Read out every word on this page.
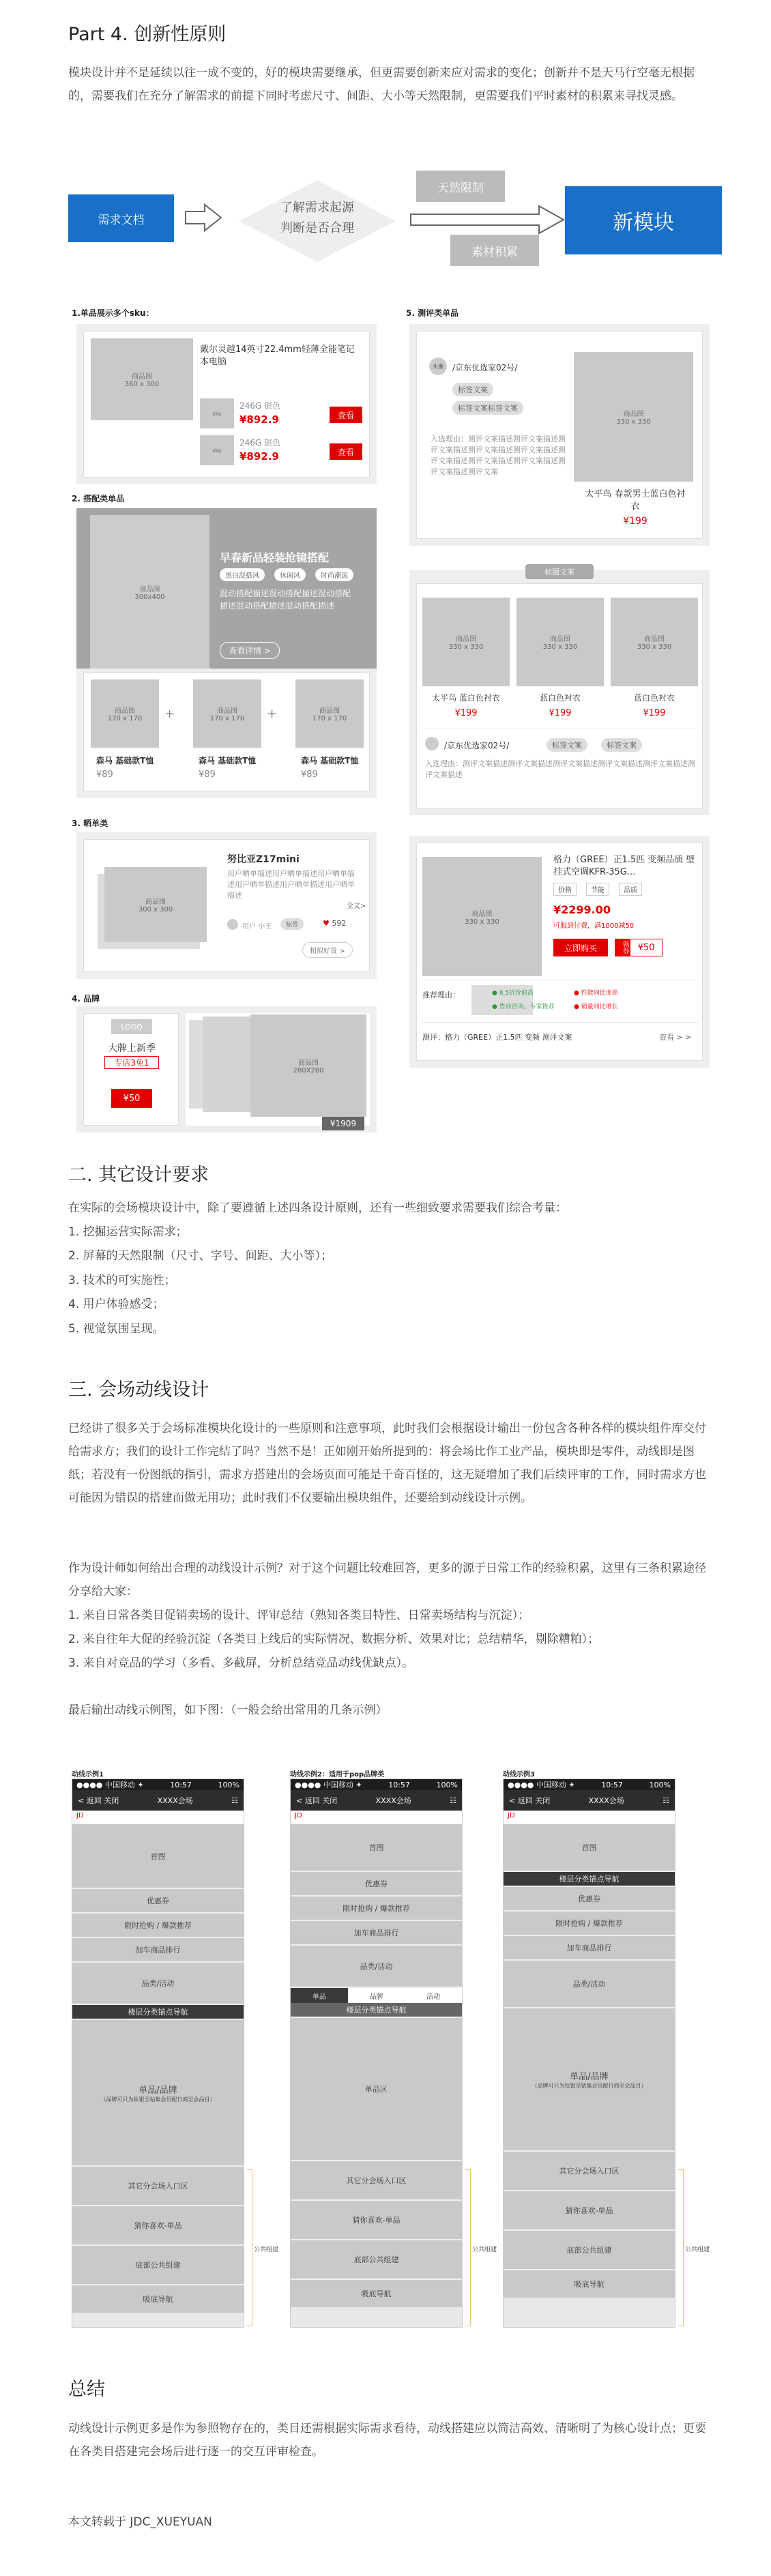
Part 4. 创新性原则
模块设计并不是延续以往一成不变的，好的模块需要继承，但更需要创新来应对需求的变化；创新并不是天马行空毫无根据的，需要我们在充分了解需求的前提下同时考虑尺寸、间距、大小等天然限制，更需要我们平时素材的积累来寻找灵感。
需求文档
了解需求起源
判断是否合理
天然限制
素材积累
新模块
1.单品展示多个sku：
商品图
360 x 300
戴尔灵越14英寸22.4mm轻薄全能笔记本电脑
sku
246G 银色
¥892.9	查看
sku
246G 银色
¥892.9	查看
2. 搭配类单品
商品图
300x400
早春新品轻装抢镜搭配
黑白混搭风	休闲风	时尚潮流
混动搭配描述混动搭配描述混动搭配描述混动搭配描述混动搭配描述
查看详情 >
商品图
170 x 170	+	商品图
170 x 170	+	商品图
170 x 170
森马 基础款T恤	森马 基础款T恤	森马 基础款T恤
¥89	¥89	¥89
3. 晒单类
商品图
300 x 300
努比亚Z17mini
用户晒单描述用户晒单描述用户晒单描述用户晒单描述用户晒单描述用户晒单描述
全文>
用户 小王	标签	♥ 592
相似好货 >
4. 品牌
LOGO
大牌上新季
专店3免1
¥50
商品图
280X280
¥1909
5. 测评类单品
头像	/京东优选家02号/
标签文案
标签文案标签文案
入选理由：测评文案描述测评文案描述测评文案描述测评文案描述测评文案描述测评文案描述测评文案描述测评文案描述测评文案描述测评文案
商品图
330 x 330
太平鸟 春款男士蓝白色衬衣
¥199
标题文案
商品图
330 x 330
商品图
330 x 330
商品图
330 x 330
太平鸟 蓝白色衬衣	蓝白色衬衣	蓝白色衬衣
¥199	¥199	¥199
/京东优选家02号/	标签文案	标签文案
入选理由：测评文案描述测评文案描述测评文案描述测评文案描述测评文案描述测评文案描述
商品图
330 x 330
格力（GREE）正1.5匹 变频品质 壁挂式空调KFR-35G...
价格	节能	品质
¥2299.00
可服到付费，满1000减50
立即购买	领券	¥50
推荐理由：	● 8.5折价值高	● 性能同比度高
● 售前咨询，专家推荐	● 销量同比增长
测评：格力（GREE）正1.5匹 变频 测评文案	查看 > >
二. 其它设计要求
在实际的会场模块设计中，除了要遵循上述四条设计原则，还有一些细致要求需要我们综合考量：
1. 挖掘运营实际需求；
2. 屏幕的天然限制（尺寸、字号、间距、大小等）；
3. 技术的可实施性；
4. 用户体验感受；
5. 视觉氛围呈现。
三. 会场动线设计
已经讲了很多关于会场标准模块化设计的一些原则和注意事项，此时我们会根据设计输出一份包含各种各样的模块组件库交付给需求方；我们的设计工作完结了吗？当然不是！正如刚开始所提到的：将会场比作工业产品，模块即是零件，动线即是图纸；若没有一份图纸的指引，需求方搭建出的会场页面可能是千奇百怪的，这无疑增加了我们后续评审的工作，同时需求方也可能因为错误的搭建而做无用功；此时我们不仅要输出模块组件，还要给到动线设计示例。
作为设计师如何给出合理的动线设计示例？对于这个问题比较难回答，更多的源于日常工作的经验积累，这里有三条积累途径分享给大家：
1. 来自日常各类目促销卖场的设计、评审总结（熟知各类目特性、日常卖场结构与沉淀）；
2. 来自往年大促的经验沉淀（各类目上线后的实际情况、数据分析、效果对比；总结精华，剔除糟粕）；
3. 来自对竞品的学习（多看、多截屏，分析总结竞品动线优缺点）。
最后输出动线示例图，如下图：（一般会给出常用的几条示例）
动线示例1	动线示例2：适用于pop品牌类	动线示例3
●●●● 中国移动 ✦	10:57	100%
< 返回 关闭	XXXX会场	☷
JD
首图
优惠券
限时抢购 / 爆款推荐
加车商品排行
品类/活动
楼层分类锚点导航
单品/品牌
（品牌可只为钛银至钻集会员配行商至会品目）
其它分会场入口区
猜你喜欢-单品
底部公共组建
吸底导航
公共组建
●●●● 中国移动 ✦	10:57	100%
< 返回 关闭	XXXX会场	☷
JD
首图
优惠券
限时抢购 / 爆款推荐
加车商品排行
品类/活动
单品	品牌	活动
楼层分类锚点导航
单品区
其它分会场入口区
猜你喜欢-单品
底部公共组建
吸底导航
公共组建
●●●● 中国移动 ✦	10:57	100%
< 返回 关闭	XXXX会场	☷
JD
首图
楼层分类锚点导航
优惠券
限时抢购 / 爆款推荐
加车商品排行
品类/活动
单品/品牌
（品牌可只为钛银至钻集会员配行商至会品目）
其它分会场入口区
猜你喜欢-单品
底部公共组建
吸底导航
公共组建
总结
动线设计示例更多是作为参照物存在的，类目还需根据实际需求看待，动线搭建应以简洁高效、清晰明了为核心设计点；更要在各类目搭建完会场后进行逐一的交互评审检查。
本文转载于 JDC_XUEYUAN
